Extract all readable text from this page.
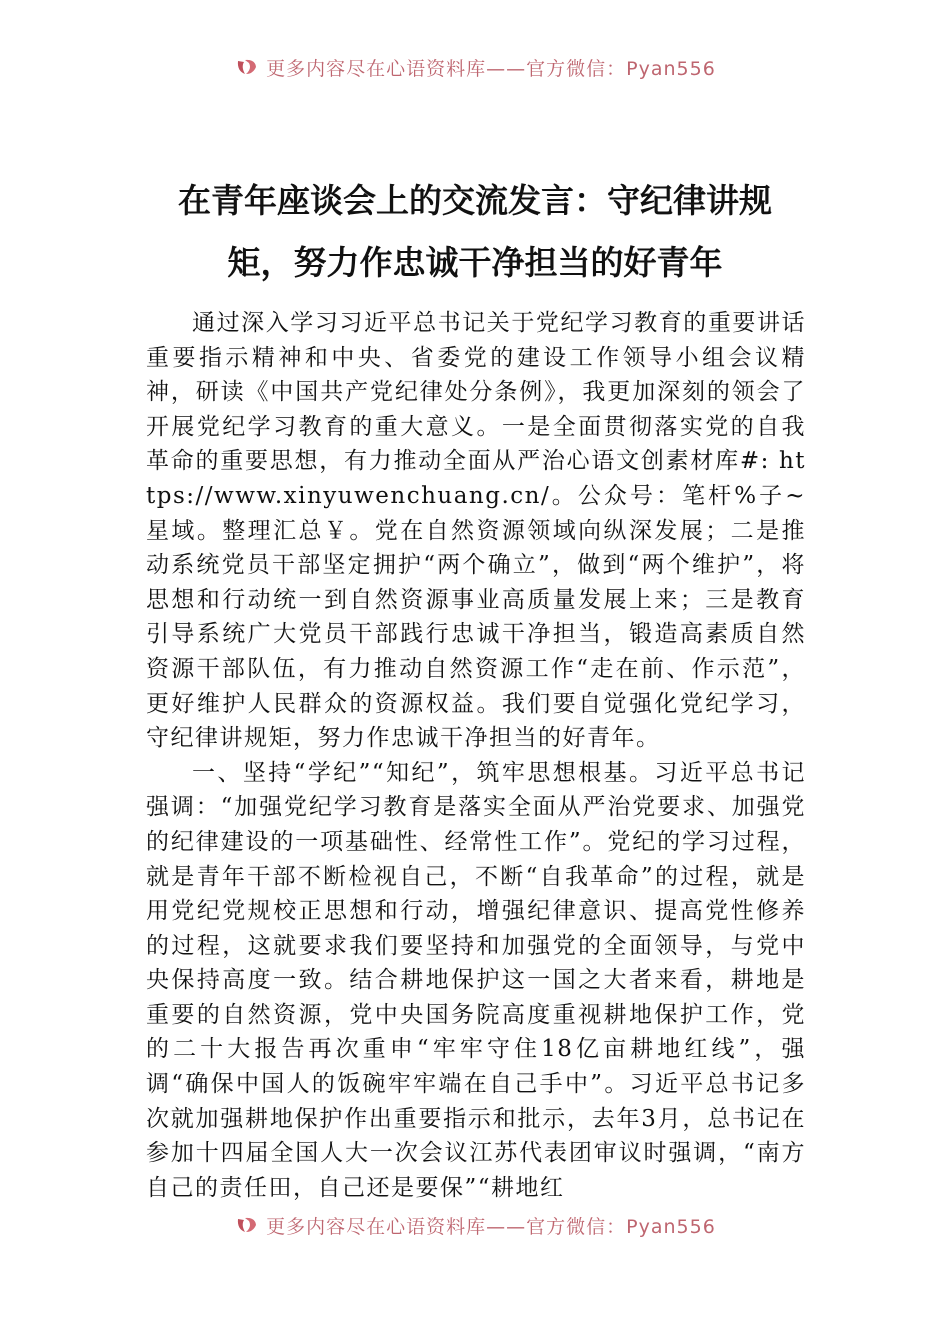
更多内容尽在心语资料库——官方微信：Pyan556
在青年座谈会上的交流发言：守纪律讲规
矩，努力作忠诚干净担当的好青年

通过深入学习习近平总书记关于党纪学习教育的重要讲话重要指示精神和中央、省委党的建设工作领导小组会议精神，研读《中国共产党纪律处分条例》，我更加深刻的领会了开展党纪学习教育的重大意义。一是全面贯彻落实党的自我革命的重要思想，有力推动全面从严治心语文创素材库#: https://www.xinyuwenchuang.cn/。公众号：笔杆%子~星域。整理汇总￥。党在自然资源领域向纵深发展；二是推动系统党员干部坚定拥护“两个确立”，做到“两个维护”，将思想和行动统一到自然资源事业高质量发展上来；三是教育引导系统广大党员干部践行忠诚干净担当，锻造高素质自然资源干部队伍，有力推动自然资源工作“走在前、作示范”，更好维护人民群众的资源权益。我们要自觉强化党纪学习，守纪律讲规矩，努力作忠诚干净担当的好青年。

一、坚持“学纪”“知纪”，筑牢思想根基。习近平总书记强调：“加强党纪学习教育是落实全面从严治党要求、加强党的纪律建设的一项基础性、经常性工作”。党纪的学习过程，就是青年干部不断检视自己，不断“自我革命”的过程，就是用党纪党规校正思想和行动，增强纪律意识、提高党性修养的过程，这就要求我们要坚持和加强党的全面领导，与党中央保持高度一致。结合耕地保护这一国之大者来看，耕地是重要的自然资源，党中央国务院高度重视耕地保护工作，党的二十大报告再次重申“牢牢守住18亿亩耕地红线”，强调“确保中国人的饭碗牢牢端在自己手中”。习近平总书记多次就加强耕地保护作出重要指示和批示，去年3月，总书记在参加十四届全国人大一次会议江苏代表团审议时强调，“南方自己的责任田，自己还是要保”“耕地红

更多内容尽在心语资料库——官方微信：Pyan556
